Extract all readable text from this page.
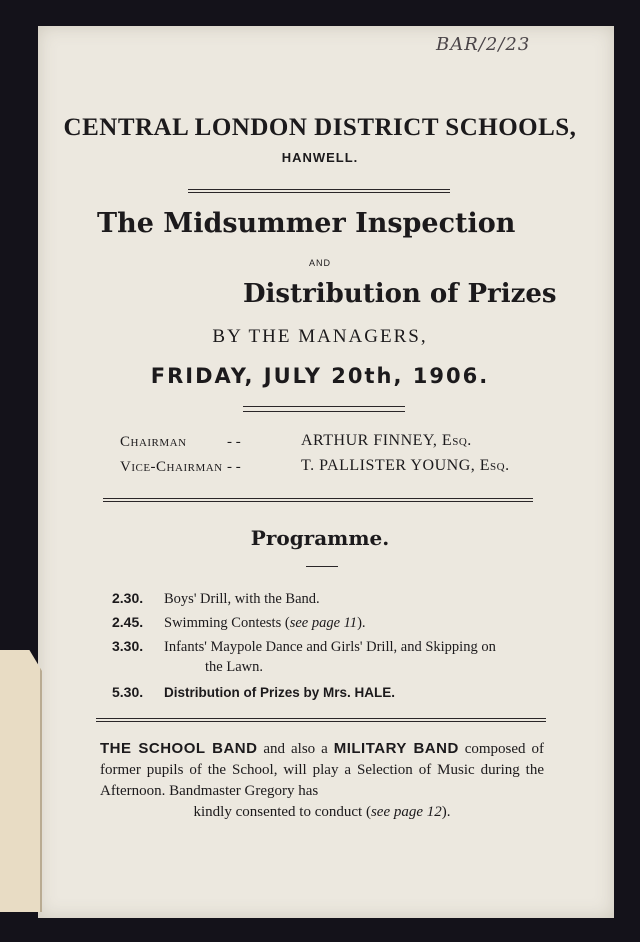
BAR/2/23
CENTRAL LONDON DISTRICT SCHOOLS,
HANWELL.
The Midsummer Inspection
AND
Distribution of Prizes
BY THE MANAGERS,
FRIDAY, JULY 20th, 1906.
Chairman	- -	ARTHUR FINNEY, Esq.
Vice-Chairman - -	T. PALLISTER YOUNG, Esq.
Programme.
2.30. Boys' Drill, with the Band.
2.45. Swimming Contests (see page 11).
3.30. Infants' Maypole Dance and Girls' Drill, and Skipping on
the Lawn.
5.30. Distribution of Prizes by Mrs. HALE.
THE SCHOOL BAND and also a MILITARY BAND composed of former pupils of the School, will play a Selection of Music during the Afternoon. Bandmaster Gregory has
kindly consented to conduct (see page 12).
